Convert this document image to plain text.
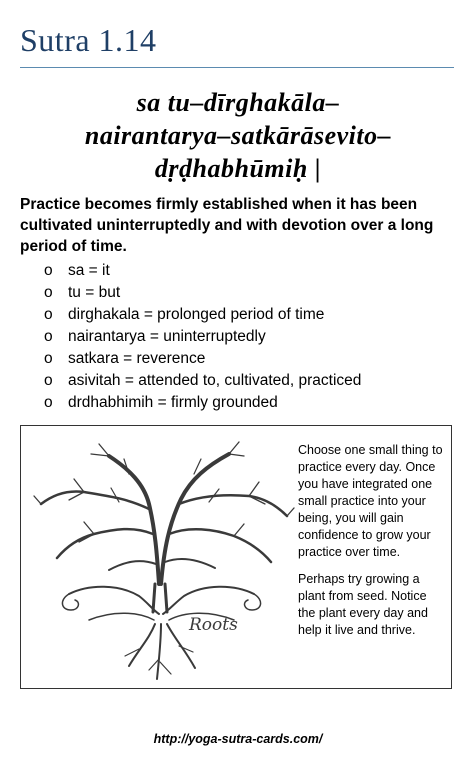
Sutra 1.14
sa tu–dīrghakāla–
nairantarya–satkārāsevito–
dṛḍhabhūmiḥ |
Practice becomes firmly established when it has been cultivated uninterruptedly and with devotion over a long period of time.
o sa = it
o tu = but
o dirghakala = prolonged period of time
o nairantarya = uninterruptedly
o satkara = reverence
o asivitah = attended to, cultivated, practiced
o drdhabhimih = firmly grounded
Roots

Choose one small thing to practice every day. Once you have integrated one small practice into your being, you will gain confidence to grow your practice over time.

Perhaps try growing a plant from seed. Notice the plant every day and help it live and thrive.

http://yoga-sutra-cards.com/
